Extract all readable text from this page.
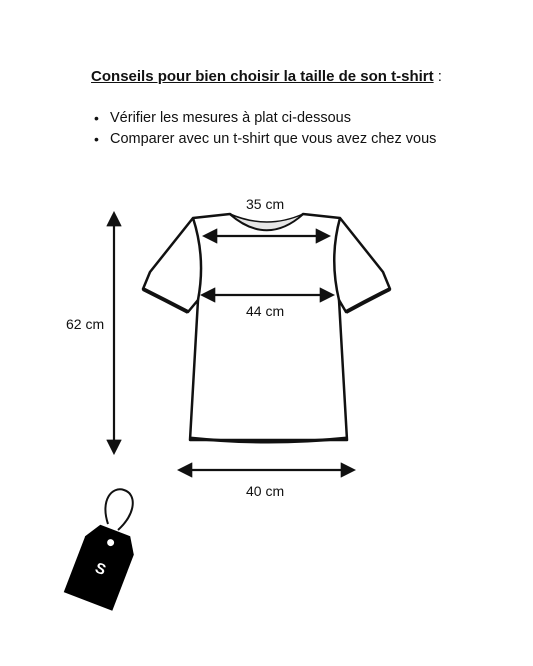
Conseils pour bien choisir la taille de son t-shirt :
• Vérifier les mesures à plat ci-dessous
• Comparer avec un t-shirt que vous avez chez vous
S
35 cm
44 cm
62 cm
40 cm
